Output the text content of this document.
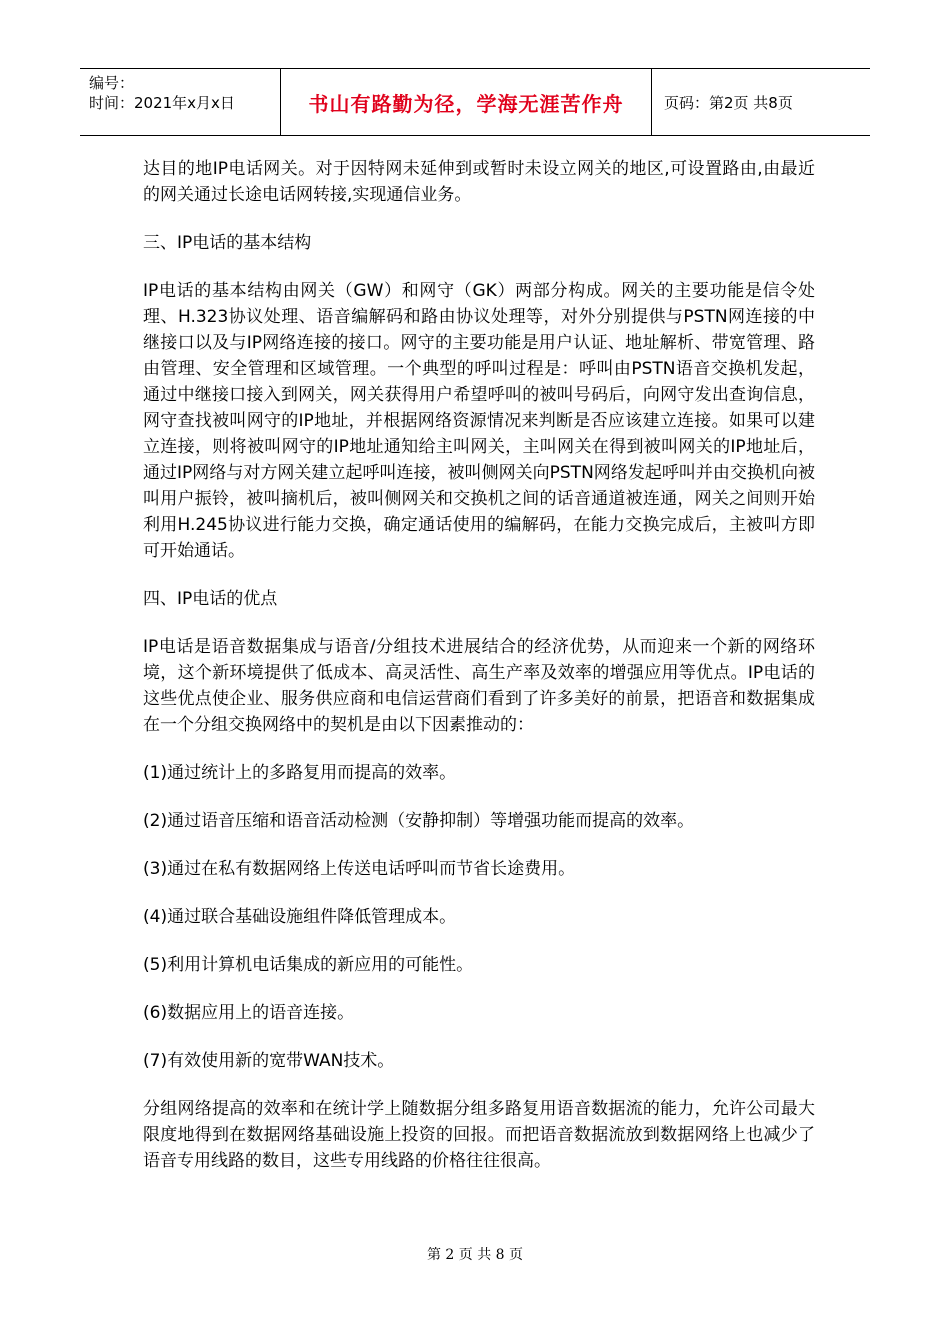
编号：
时间：2021年x月x日	书山有路勤为径，学海无涯苦作舟	页码：第2页 共8页

达目的地IP电话网关。对于因特网未延伸到或暂时未设立网关的地区,可设置路由,由最近的网关通过长途电话网转接,实现通信业务。

三、IP电话的基本结构

IP电话的基本结构由网关（GW）和网守（GK）两部分构成。网关的主要功能是信令处理、H.323协议处理、语音编解码和路由协议处理等，对外分别提供与PSTN网连接的中继接口以及与IP网络连接的接口。网守的主要功能是用户认证、地址解析、带宽管理、路由管理、安全管理和区域管理。一个典型的呼叫过程是：呼叫由PSTN语音交换机发起，通过中继接口接入到网关，网关获得用户希望呼叫的被叫号码后，向网守发出查询信息，网守查找被叫网守的IP地址，并根据网络资源情况来判断是否应该建立连接。如果可以建立连接，则将被叫网守的IP地址通知给主叫网关，主叫网关在得到被叫网关的IP地址后，通过IP网络与对方网关建立起呼叫连接，被叫侧网关向PSTN网络发起呼叫并由交换机向被叫用户振铃，被叫摘机后，被叫侧网关和交换机之间的话音通道被连通，网关之间则开始利用H.245协议进行能力交换，确定通话使用的编解码，在能力交换完成后，主被叫方即可开始通话。

四、IP电话的优点

IP电话是语音数据集成与语音/分组技术进展结合的经济优势，从而迎来一个新的网络环境，这个新环境提供了低成本、高灵活性、高生产率及效率的增强应用等优点。IP电话的这些优点使企业、服务供应商和电信运营商们看到了许多美好的前景，把语音和数据集成在一个分组交换网络中的契机是由以下因素推动的：

(1)通过统计上的多路复用而提高的效率。

(2)通过语音压缩和语音活动检测（安静抑制）等增强功能而提高的效率。

(3)通过在私有数据网络上传送电话呼叫而节省长途费用。

(4)通过联合基础设施组件降低管理成本。

(5)利用计算机电话集成的新应用的可能性。

(6)数据应用上的语音连接。

(7)有效使用新的宽带WAN技术。

分组网络提高的效率和在统计学上随数据分组多路复用语音数据流的能力，允许公司最大限度地得到在数据网络基础设施上投资的回报。而把语音数据流放到数据网络上也减少了语音专用线路的数目，这些专用线路的价格往往很高。

第 2 页 共 8 页
